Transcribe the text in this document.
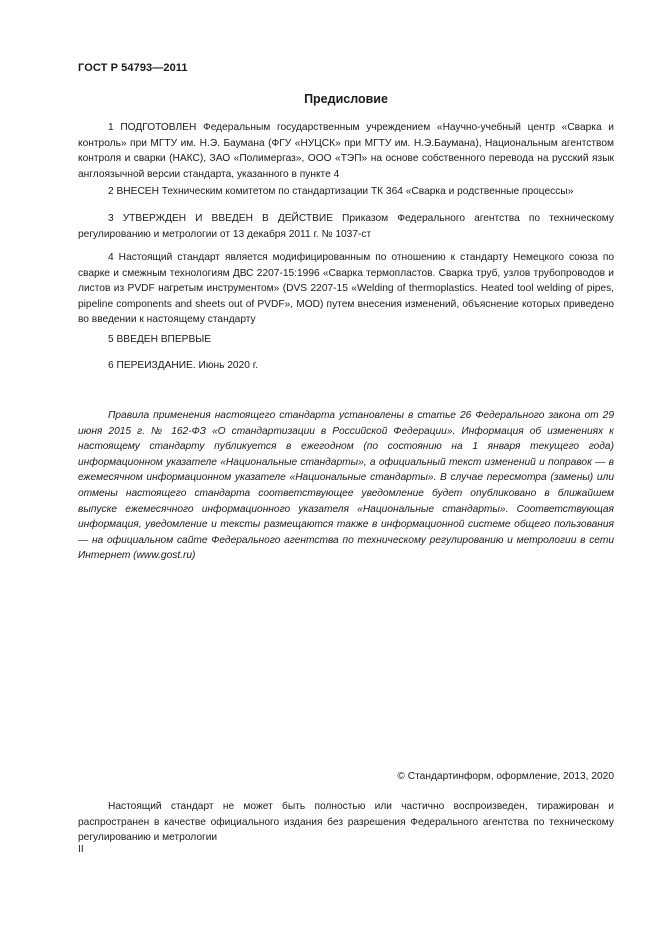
ГОСТ Р 54793—2011
Предисловие

1 ПОДГОТОВЛЕН Федеральным государственным учреждением «Научно-учебный центр «Сварка и контроль» при МГТУ им. Н.Э. Баумана (ФГУ «НУЦСК» при МГТУ им. Н.Э.Баумана), Национальным агентством контроля и сварки (НАКС), ЗАО «Полимергаз», ООО «ТЭП» на основе собственного перевода на русский язык англоязычной версии стандарта, указанного в пункте 4

2 ВНЕСЕН Техническим комитетом по стандартизации ТК 364 «Сварка и родственные процессы»

3 УТВЕРЖДЕН И ВВЕДЕН В ДЕЙСТВИЕ Приказом Федерального агентства по техническому регулированию и метрологии от 13 декабря 2011 г. № 1037-ст

4 Настоящий стандарт является модифицированным по отношению к стандарту Немецкого союза по сварке и смежным технологиям ДВС 2207-15:1996 «Сварка термопластов. Сварка труб, узлов трубопроводов и листов из PVDF нагретым инструментом» (DVS 2207-15 «Welding of thermoplastics. Heated tool welding of pipes, pipeline components and sheets out of PVDF», MOD) путем внесения изменений, объяснение которых приведено во введении к настоящему стандарту

5 ВВЕДЕН ВПЕРВЫЕ

6 ПЕРЕИЗДАНИЕ. Июнь 2020 г.

Правила применения настоящего стандарта установлены в статье 26 Федерального закона от 29 июня 2015 г. № 162-ФЗ «О стандартизации в Российской Федерации». Информация об изменениях к настоящему стандарту публикуется в ежегодном (по состоянию на 1 января текущего года) информационном указателе «Национальные стандарты», а официальный текст изменений и поправок — в ежемесячном информационном указателе «Национальные стандарты». В случае пересмотра (замены) или отмены настоящего стандарта соответствующее уведомление будет опубликовано в ближайшем выпуске ежемесячного информационного указателя «Национальные стандарты». Соответствующая информация, уведомление и тексты размещаются также в информационной системе общего пользования — на официальном сайте Федерального агентства по техническому регулированию и метрологии в сети Интернет (www.gost.ru)

© Стандартинформ, оформление, 2013, 2020

Настоящий стандарт не может быть полностью или частично воспроизведен, тиражирован и распространен в качестве официального издания без разрешения Федерального агентства по техническому регулированию и метрологии

II
